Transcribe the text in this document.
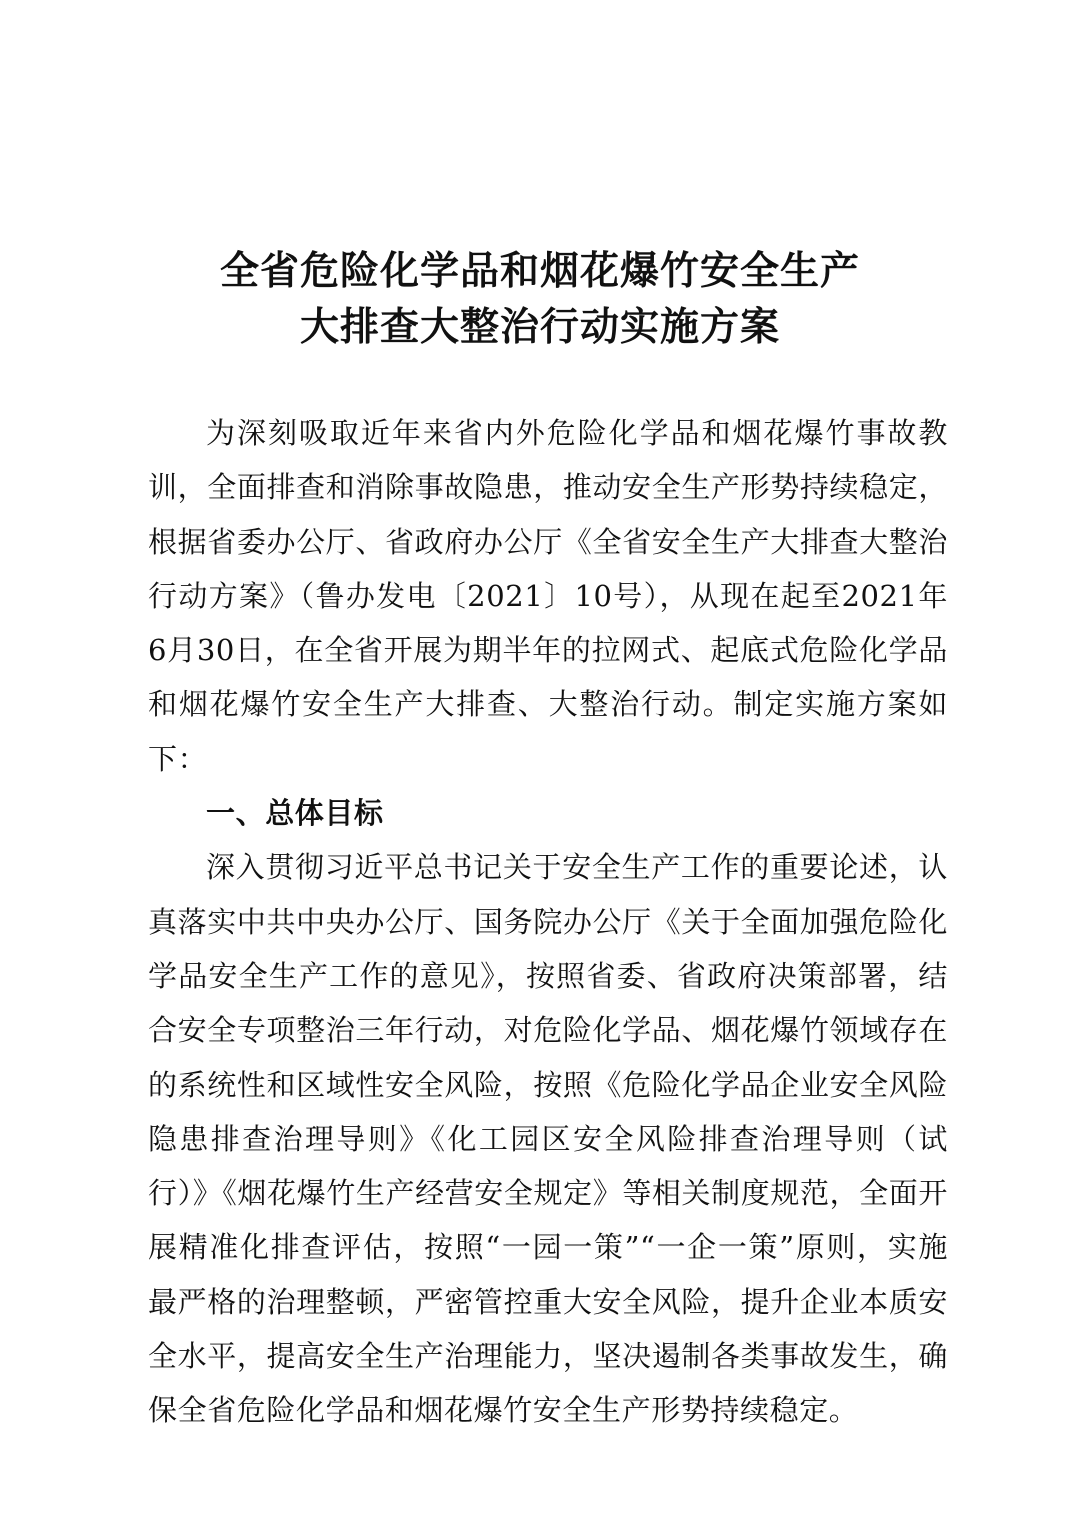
全省危险化学品和烟花爆竹安全生产
大排查大整治行动实施方案

为深刻吸取近年来省内外危险化学品和烟花爆竹事故教训，全面排查和消除事故隐患，推动安全生产形势持续稳定，根据省委办公厅、省政府办公厅《全省安全生产大排查大整治行动方案》（鲁办发电〔2021〕10号），从现在起至2021年6月30日，在全省开展为期半年的拉网式、起底式危险化学品和烟花爆竹安全生产大排查、大整治行动。制定实施方案如下：

一、总体目标

深入贯彻习近平总书记关于安全生产工作的重要论述，认真落实中共中央办公厅、国务院办公厅《关于全面加强危险化学品安全生产工作的意见》，按照省委、省政府决策部署，结合安全专项整治三年行动，对危险化学品、烟花爆竹领域存在的系统性和区域性安全风险，按照《危险化学品企业安全风险隐患排查治理导则》《化工园区安全风险排查治理导则（试行）》《烟花爆竹生产经营安全规定》等相关制度规范，全面开展精准化排查评估，按照“一园一策”“一企一策”原则，实施最严格的治理整顿，严密管控重大安全风险，提升企业本质安全水平，提高安全生产治理能力，坚决遏制各类事故发生，确保全省危险化学品和烟花爆竹安全生产形势持续稳定。
